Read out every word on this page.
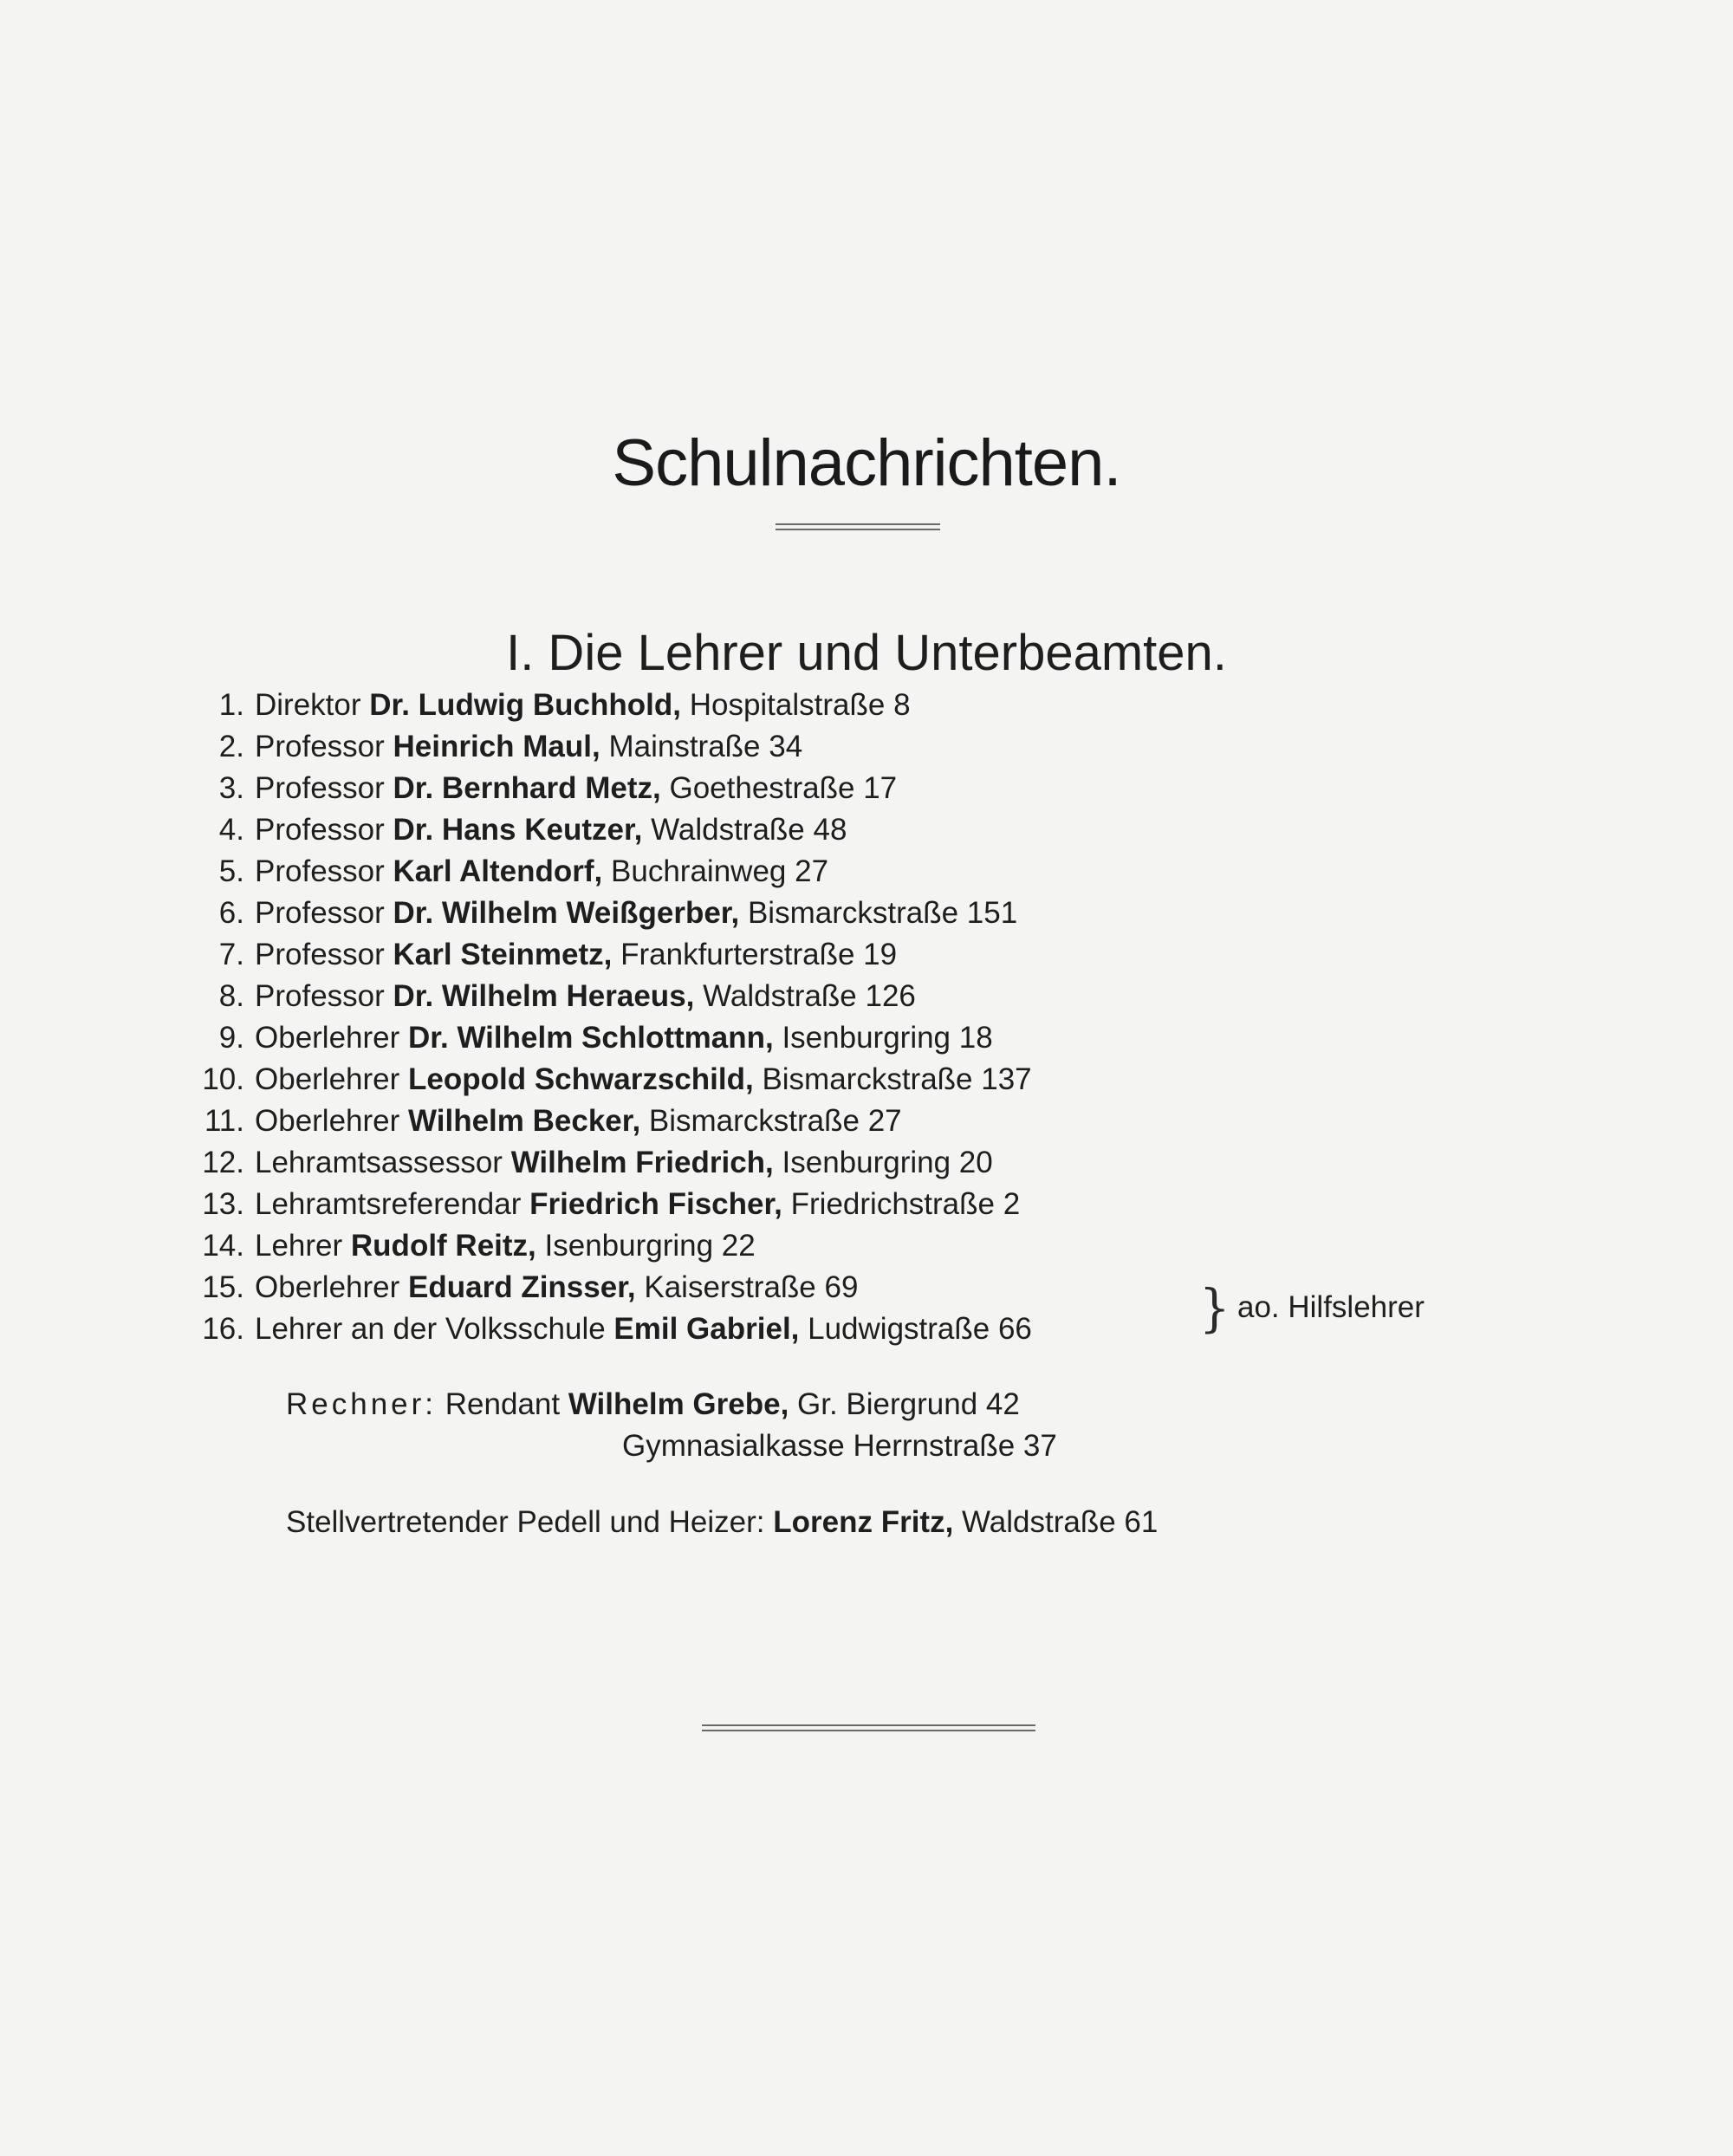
Schulnachrichten.
I. Die Lehrer und Unterbeamten.
1. Direktor Dr. Ludwig Buchhold, Hospitalstraße 8
2. Professor Heinrich Maul, Mainstraße 34
3. Professor Dr. Bernhard Metz, Goethestraße 17
4. Professor Dr. Hans Keutzer, Waldstraße 48
5. Professor Karl Altendorf, Buchrainweg 27
6. Professor Dr. Wilhelm Weißgerber, Bismarckstraße 151
7. Professor Karl Steinmetz, Frankfurterstraße 19
8. Professor Dr. Wilhelm Heraeus, Waldstraße 126
9. Oberlehrer Dr. Wilhelm Schlottmann, Isenburgring 18
10. Oberlehrer Leopold Schwarzschild, Bismarckstraße 137
11. Oberlehrer Wilhelm Becker, Bismarckstraße 27
12. Lehramtsassessor Wilhelm Friedrich, Isenburgring 20
13. Lehramtsreferendar Friedrich Fischer, Friedrichstraße 2
14. Lehrer Rudolf Reitz, Isenburgring 22
15. Oberlehrer Eduard Zinsser, Kaiserstraße 69
16. Lehrer an der Volksschule Emil Gabriel, Ludwigstraße 66	} ao. Hilfslehrer
Rechner: Rendant Wilhelm Grebe, Gr. Biergrund 42
Gymnasialkasse Herrnstraße 37
Stellvertretender Pedell und Heizer: Lorenz Fritz, Waldstraße 61
